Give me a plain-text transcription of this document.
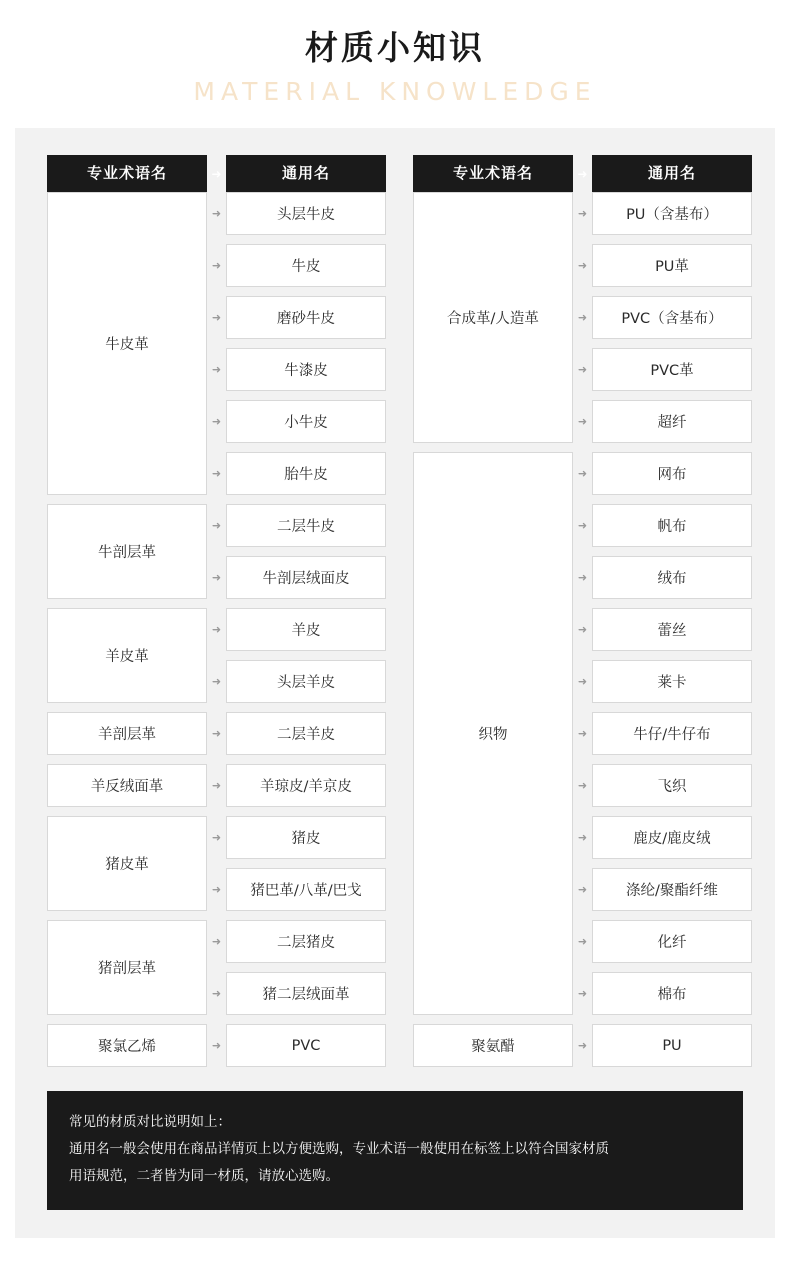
材质小知识
MATERIAL KNOWLEDGE
专业术语名
牛皮革
牛剖层革
羊皮革
羊剖层革
羊反绒面革
猪皮革
猪剖层革
聚氯乙烯
➜
➜
➜
➜
➜
➜
➜
➜
➜
➜
➜
➜
➜
➜
➜
➜
➜
➜
通用名
头层牛皮
牛皮
磨砂牛皮
牛漆皮
小牛皮
胎牛皮
二层牛皮
牛剖层绒面皮
羊皮
头层羊皮
二层羊皮
羊琼皮/羊京皮
猪皮
猪巴革/八革/巴戈
二层猪皮
猪二层绒面革
PVC
专业术语名
合成革/人造革
织物
聚氨醋
➜
➜
➜
➜
➜
➜
➜
➜
➜
➜
➜
➜
➜
➜
➜
➜
➜
➜
通用名
PU（含基布）
PU革
PVC（含基布）
PVC革
超纤
网布
帆布
绒布
蕾丝
莱卡
牛仔/牛仔布
飞织
鹿皮/鹿皮绒
涤纶/聚酯纤维
化纤
棉布
PU
常见的材质对比说明如上：
通用名一般会使用在商品详情页上以方便选购，专业术语一般使用在标签上以符合国家材质
用语规范，二者皆为同一材质，请放心选购。
